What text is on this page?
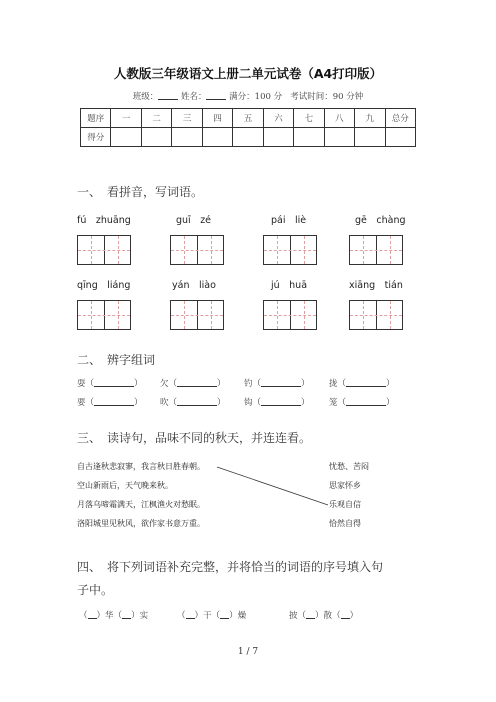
人教版三年级语文上册二单元试卷（A4打印版）
班级：	姓名：	满分：100 分 考试时间：90 分钟
题序	一	二	三	四	五	六	七	八	九	总分
得分										
一、　看拼音，写词语。
fú　zhuāng	guī　zé	pái　liè	gē　chàng
qīng　liáng	yán　liào	jú　huā	xiāng　tián
二、　辨字组词
耍（	） 欠（	） 钓（	） 拢（	）
要（	） 吹（	） 钩（	） 笼（	）
三、　读诗句，品味不同的秋天，并连连看。
自古逢秋悲寂寥，我言秋日胜春朝。
空山新雨后，天气晚来秋。
月落乌啼霜满天，江枫渔火对愁眠。
洛阳城里见秋风，欲作家书意万重。
忧愁、苦闷
思家怀乡
乐观自信
恰然自得
四、　将下列词语补充完整，并将恰当的词语的序号填入句
子中。
（ ）华（ ）实	（ ）干（ ）燥	披（ ）散（ ）
1 / 7
